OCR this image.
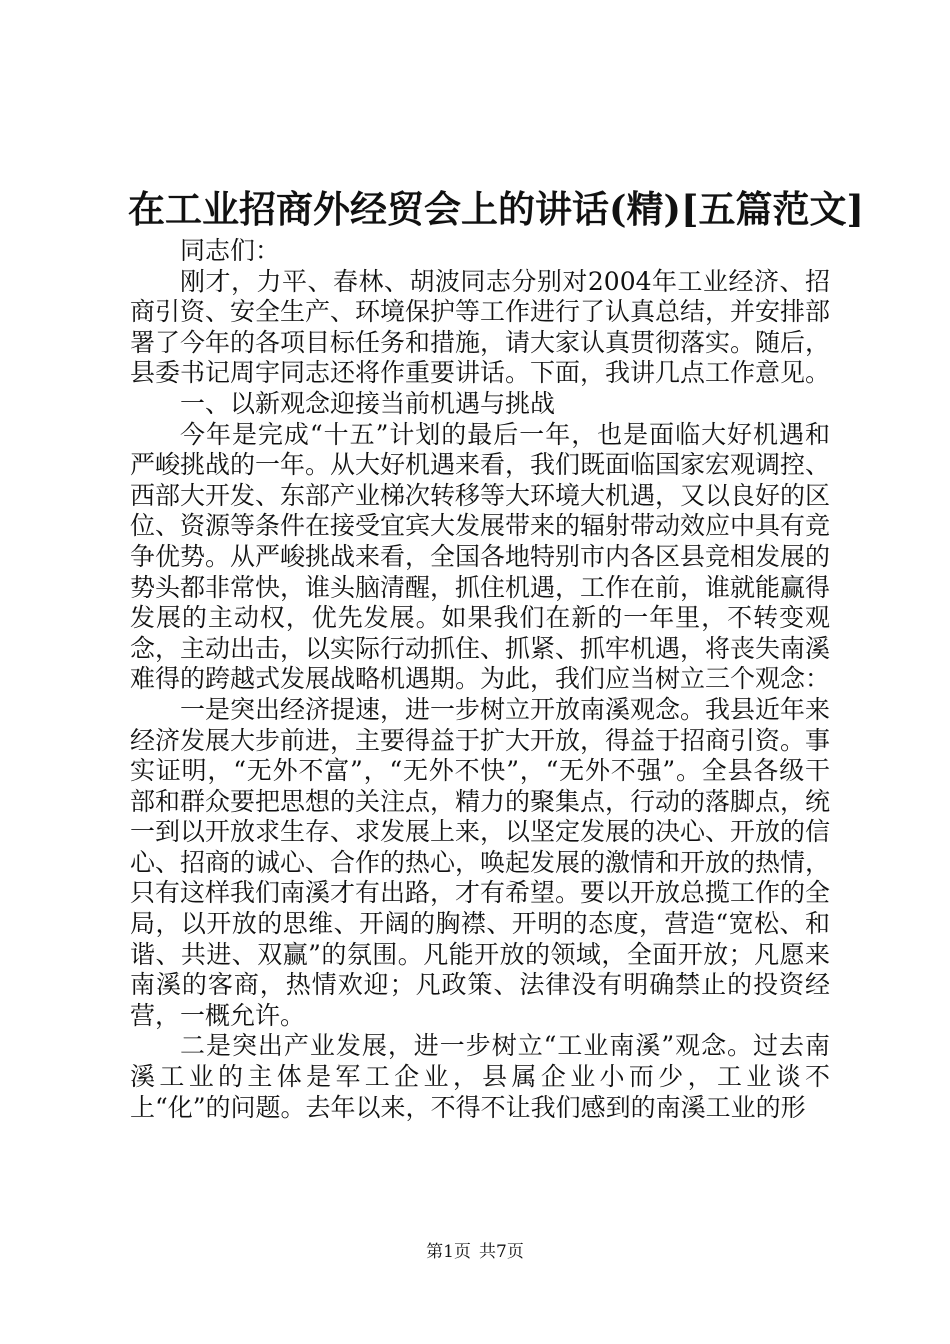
在工业招商外经贸会上的讲话(精)[五篇范文]

同志们：

刚才，力平、春林、胡波同志分别对2004年工业经济、招商引资、安全生产、环境保护等工作进行了认真总结，并安排部署了今年的各项目标任务和措施，请大家认真贯彻落实。随后，县委书记周宇同志还将作重要讲话。下面，我讲几点工作意见。

一、以新观念迎接当前机遇与挑战

今年是完成“十五”计划的最后一年，也是面临大好机遇和严峻挑战的一年。从大好机遇来看，我们既面临国家宏观调控、西部大开发、东部产业梯次转移等大环境大机遇，又以良好的区位、资源等条件在接受宜宾大发展带来的辐射带动效应中具有竞争优势。从严峻挑战来看，全国各地特别市内各区县竞相发展的势头都非常快，谁头脑清醒，抓住机遇，工作在前，谁就能赢得发展的主动权，优先发展。如果我们在新的一年里，不转变观念，主动出击，以实际行动抓住、抓紧、抓牢机遇，将丧失南溪难得的跨越式发展战略机遇期。为此，我们应当树立三个观念：

一是突出经济提速，进一步树立开放南溪观念。我县近年来经济发展大步前进，主要得益于扩大开放，得益于招商引资。事实证明，“无外不富”，“无外不快”，“无外不强”。全县各级干部和群众要把思想的关注点，精力的聚集点，行动的落脚点，统一到以开放求生存、求发展上来，以坚定发展的决心、开放的信心、招商的诚心、合作的热心，唤起发展的激情和开放的热情，只有这样我们南溪才有出路，才有希望。要以开放总揽工作的全局，以开放的思维、开阔的胸襟、开明的态度，营造“宽松、和谐、共进、双赢”的氛围。凡能开放的领域，全面开放；凡愿来南溪的客商，热情欢迎；凡政策、法律没有明确禁止的投资经营，一概允许。

二是突出产业发展，进一步树立“工业南溪”观念。过去南溪工业的主体是军工企业，县属企业小而少，工业谈不上“化”的问题。去年以来，不得不让我们感到的南溪工业的形

第1页 共7页
